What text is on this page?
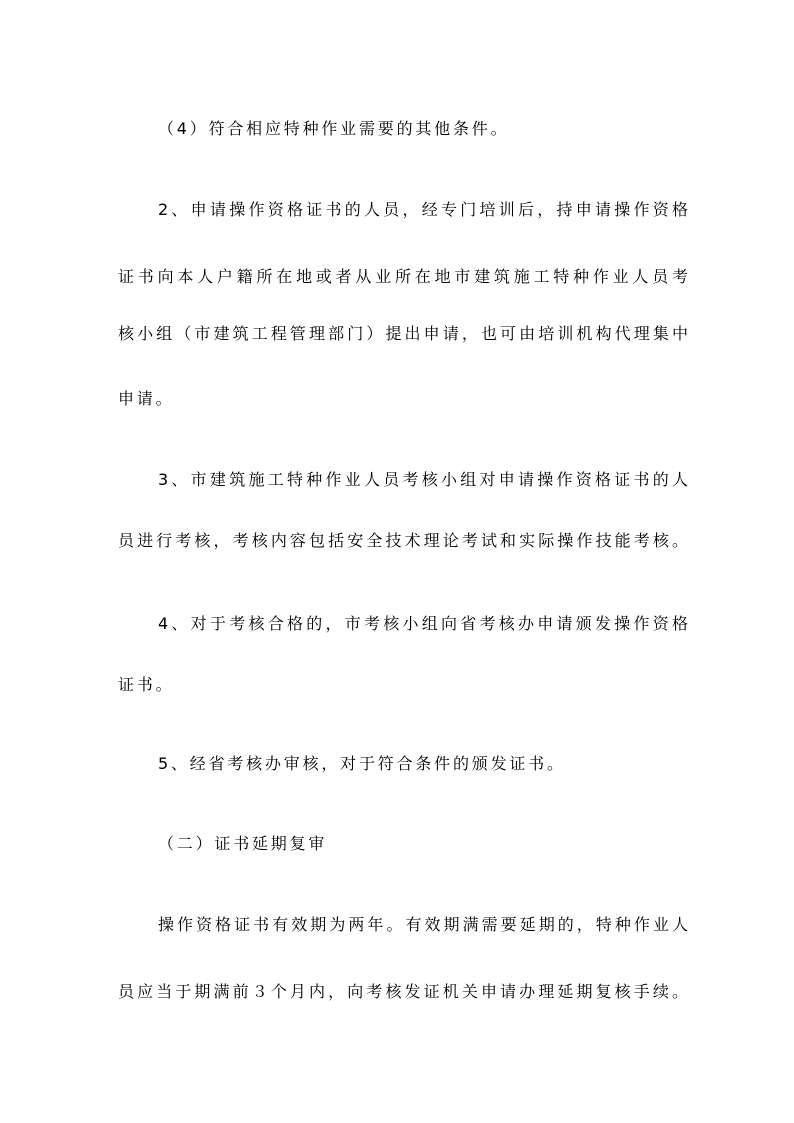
（4）符合相应特种作业需要的其他条件。
2、申请操作资格证书的人员，经专门培训后，持申请操作资格
证书向本人户籍所在地或者从业所在地市建筑施工特种作业人员考
核小组（市建筑工程管理部门）提出申请，也可由培训机构代理集中
申请。
3、市建筑施工特种作业人员考核小组对申请操作资格证书的人
员进行考核，考核内容包括安全技术理论考试和实际操作技能考核。
4、对于考核合格的，市考核小组向省考核办申请颁发操作资格
证书。
5、经省考核办审核，对于符合条件的颁发证书。
（二）证书延期复审
操作资格证书有效期为两年。有效期满需要延期的，特种作业人
员应当于期满前３个月内，向考核发证机关申请办理延期复核手续。
